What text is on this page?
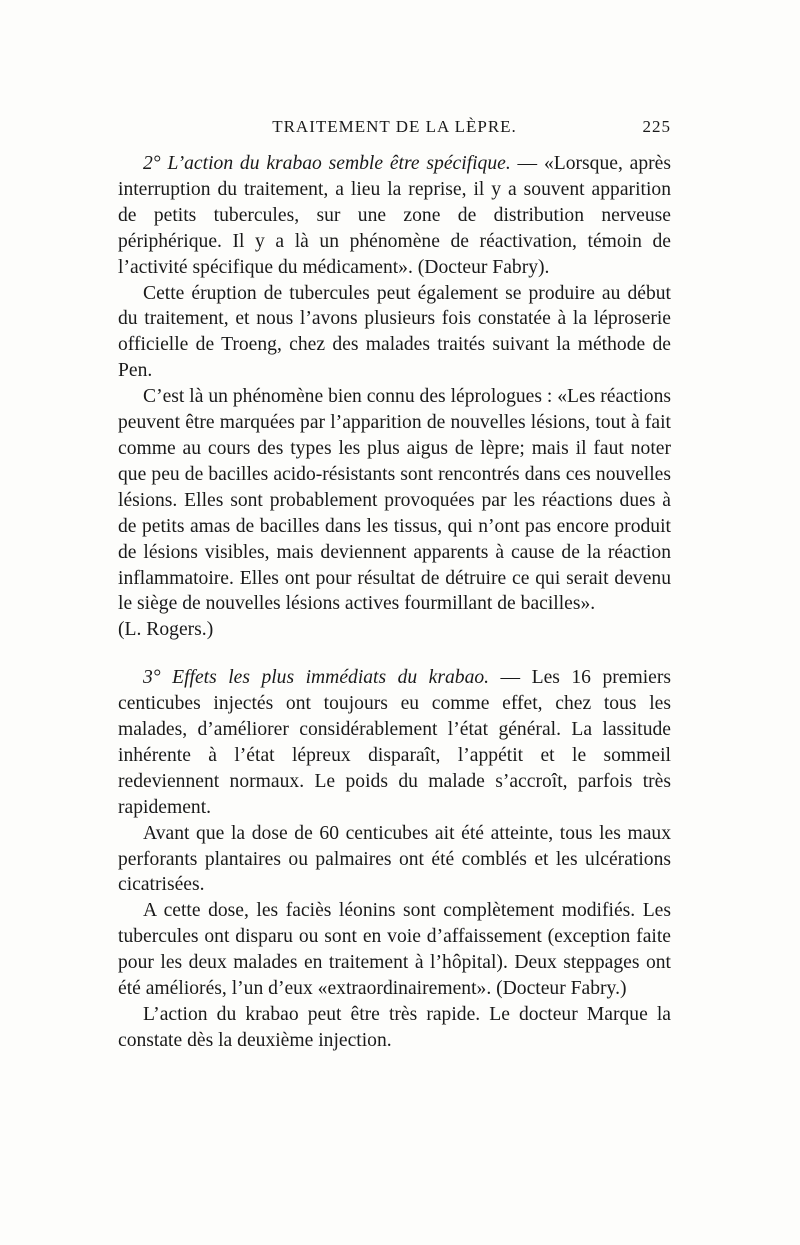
TRAITEMENT DE LA LÈPRE.	225

2° L’action du krabao semble être spécifique. — «Lorsque, après interruption du traitement, a lieu la reprise, il y a souvent apparition de petits tubercules, sur une zone de distribution nerveuse périphérique. Il y a là un phénomène de réactivation, témoin de l’activité spécifique du médicament». (Docteur Fabry).

Cette éruption de tubercules peut également se produire au début du traitement, et nous l’avons plusieurs fois constatée à la léproserie officielle de Troeng, chez des malades traités suivant la méthode de Pen.

C’est là un phénomène bien connu des léprologues : «Les réactions peuvent être marquées par l’apparition de nouvelles lésions, tout à fait comme au cours des types les plus aigus de lèpre; mais il faut noter que peu de bacilles acido-résistants sont rencontrés dans ces nouvelles lésions. Elles sont probablement provoquées par les réactions dues à de petits amas de bacilles dans les tissus, qui n’ont pas encore produit de lésions visibles, mais deviennent apparents à cause de la réaction inflammatoire. Elles ont pour résultat de détruire ce qui serait devenu le siège de nouvelles lésions actives fourmillant de bacilles».

(L. Rogers.)

3° Effets les plus immédiats du krabao. — Les 16 premiers centicubes injectés ont toujours eu comme effet, chez tous les malades, d’améliorer considérablement l’état général. La lassitude inhérente à l’état lépreux disparaît, l’appétit et le sommeil redeviennent normaux. Le poids du malade s’accroît, parfois très rapidement.

Avant que la dose de 60 centicubes ait été atteinte, tous les maux perforants plantaires ou palmaires ont été comblés et les ulcérations cicatrisées.

A cette dose, les faciès léonins sont complètement modifiés. Les tubercules ont disparu ou sont en voie d’affaissement (exception faite pour les deux malades en traitement à l’hôpital). Deux steppages ont été améliorés, l’un d’eux «extraordinairement». (Docteur Fabry.)

L’action du krabao peut être très rapide. Le docteur Marque la constate dès la deuxième injection.
